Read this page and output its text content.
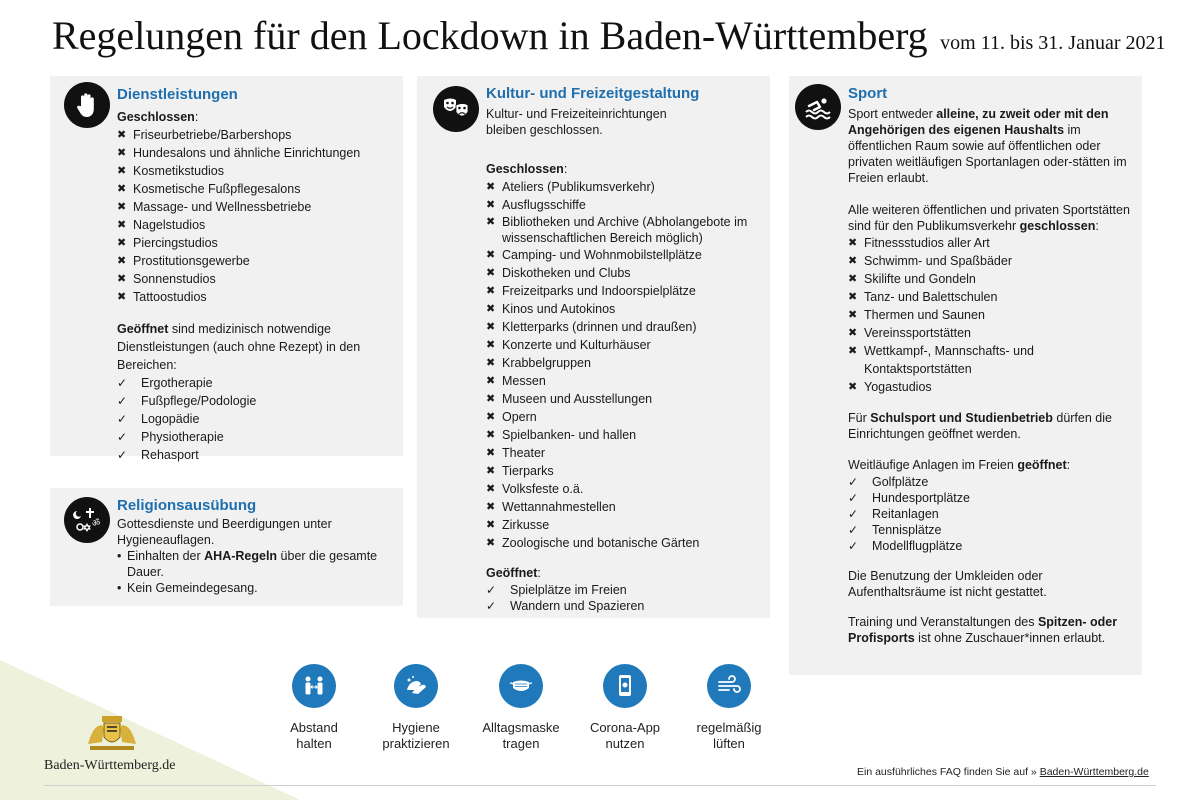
Regelungen für den Lockdown in Baden-Württemberg vom 11. bis 31. Januar 2021
Dienstleistungen
Geschlossen:
✖ Friseurbetriebe/Barbershops
✖ Hundesalons und ähnliche Einrichtungen
✖ Kosmetikstudios
✖ Kosmetische Fußpflegesalons
✖ Massage- und Wellnessbetriebe
✖ Nagelstudios
✖ Piercingstudios
✖ Prostitutionsgewerbe
✖ Sonnenstudios
✖ Tattoostudios
Geöffnet sind medizinisch notwendige Dienstleistungen (auch ohne Rezept) in den Bereichen:
✓ Ergotherapie
✓ Fußpflege/Podologie
✓ Logopädie
✓ Physiotherapie
✓ Rehasport
ॐ
Religionsausübung
Gottesdienste und Beerdigungen unter Hygieneauflagen.
• Einhalten der AHA-Regeln über die gesamte Dauer.
• Kein Gemeindegesang.
Kultur- und Freizeitgestaltung
Kultur- und Freizeiteinrichtungen bleiben geschlossen.
Geschlossen:
✖ Ateliers (Publikumsverkehr)
✖ Ausflugsschiffe
✖ Bibliotheken und Archive (Abholangebote im wissenschaftlichen Bereich möglich)
✖ Camping- und Wohnmobilstellplätze
✖ Diskotheken und Clubs
✖ Freizeitparks und Indoorspielplätze
✖ Kinos und Autokinos
✖ Kletterparks (drinnen und draußen)
✖ Konzerte und Kulturhäuser
✖ Krabbelgruppen
✖ Messen
✖ Museen und Ausstellungen
✖ Opern
✖ Spielbanken- und hallen
✖ Theater
✖ Tierparks
✖ Volksfeste o.ä.
✖ Wettannahmestellen
✖ Zirkusse
✖ Zoologische und botanische Gärten
Geöffnet:
✓ Spielplätze im Freien
✓ Wandern und Spazieren
Sport
Sport entweder alleine, zu zweit oder mit den Angehörigen des eigenen Haushalts im öffentlichen Raum sowie auf öffentlichen oder privaten weitläufigen Sportanlagen oder-stätten im Freien erlaubt.
Alle weiteren öffentlichen und privaten Sportstätten sind für den Publikumsverkehr geschlossen:
✖ Fitnessstudios aller Art
✖ Schwimm- und Spaßbäder
✖ Skilifte und Gondeln
✖ Tanz- und Balettschulen
✖ Thermen und Saunen
✖ Vereinssportstätten
✖ Wettkampf-, Mannschafts- und Kontaktsportstätten
✖ Yogastudios
Für Schulsport und Studienbetrieb dürfen die Einrichtungen geöffnet werden.
Weitläufige Anlagen im Freien geöffnet:
✓ Golfplätze
✓ Hundesportplätze
✓ Reitanlagen
✓ Tennisplätze
✓ Modellflugplätze
Die Benutzung der Umkleiden oder Aufenthaltsräume ist nicht gestattet.
Training und Veranstaltungen des Spitzen- oder Profisports ist ohne Zuschauer*innen erlaubt.
Abstand
halten
Hygiene
praktizieren
Alltagsmaske
tragen
Corona-App
nutzen
regelmäßig
lüften
Baden-Württemberg.de	Ein ausführliches FAQ finden Sie auf » Baden-Württemberg.de
